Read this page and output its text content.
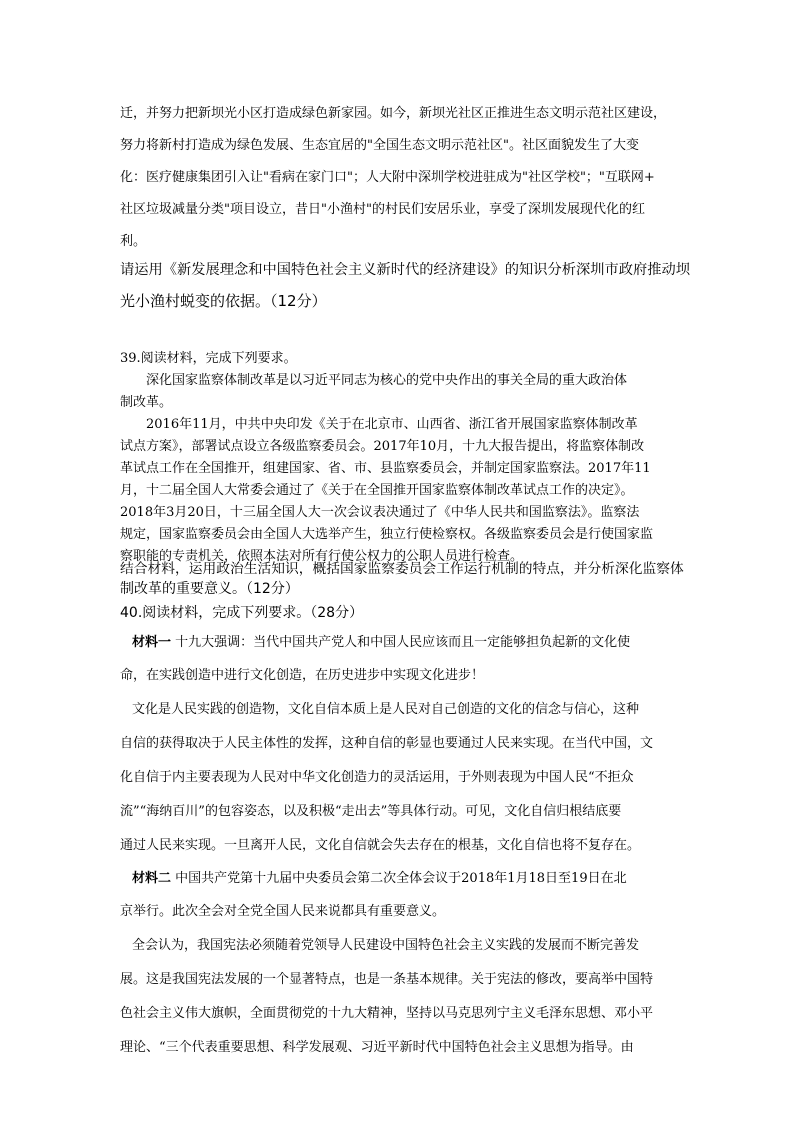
迁，并努力把新坝光小区打造成绿色新家园。如今，新坝光社区正推进生态文明示范社区建设，
努力将新村打造成为绿色发展、生态宜居的"全国生态文明示范社区"。社区面貌发生了大变
化：医疗健康集团引入让"看病在家门口"；人大附中深圳学校进驻成为"社区学校"；"互联网+
社区垃圾减量分类"项目设立，昔日"小渔村"的村民们安居乐业，享受了深圳发展现代化的红
利。
请运用《新发展理念和中国特色社会主义新时代的经济建设》的知识分析深圳市政府推动坝
光小渔村蜕变的依据。（12分）
39.阅读材料，完成下列要求。
深化国家监察体制改革是以习近平同志为核心的党中央作出的事关全局的重大政治体
制改革。
2016年11月，中共中央印发《关于在北京市、山西省、浙江省开展国家监察体制改革
试点方案》，部署试点设立各级监察委员会。2017年10月，十九大报告提出，将监察体制改
革试点工作在全国推开，组建国家、省、市、县监察委员会，并制定国家监察法。2017年11
月，十二届全国人大常委会通过了《关于在全国推开国家监察体制改革试点工作的决定》。
2018年3月20日，十三届全国人大一次会议表决通过了《中华人民共和国监察法》。监察法
规定，国家监察委员会由全国人大选举产生，独立行使检察权。各级监察委员会是行使国家监
察职能的专责机关，依照本法对所有行使公权力的公职人员进行检查。
结合材料，运用政治生活知识，概括国家监察委员会工作运行机制的特点，并分析深化监察体
制改革的重要意义。（12分）
40.阅读材料，完成下列要求。（28分）
材料一 十九大强调：当代中国共产党人和中国人民应该而且一定能够担负起新的文化使
命，在实践创造中进行文化创造，在历史进步中实现文化进步！
文化是人民实践的创造物，文化自信本质上是人民对自己创造的文化的信念与信心，这种
自信的获得取决于人民主体性的发挥，这种自信的彰显也要通过人民来实现。在当代中国，文
化自信于内主要表现为人民对中华文化创造力的灵活运用，于外则表现为中国人民“不拒众
流”“海纳百川”的包容姿态，以及积极“走出去”等具体行动。可见，文化自信归根结底要
通过人民来实现。一旦离开人民，文化自信就会失去存在的根基，文化自信也将不复存在。
材料二 中国共产党第十九届中央委员会第二次全体会议于2018年1月18日至19日在北
京举行。此次全会对全党全国人民来说都具有重要意义。
全会认为，我国宪法必须随着党领导人民建设中国特色社会主义实践的发展而不断完善发
展。这是我国宪法发展的一个显著特点，也是一条基本规律。关于宪法的修改，要高举中国特
色社会主义伟大旗帜，全面贯彻党的十九大精神，坚持以马克思列宁主义毛泽东思想、邓小平
理论、“三个代表重要思想、科学发展观、习近平新时代中国特色社会主义思想为指导。由
